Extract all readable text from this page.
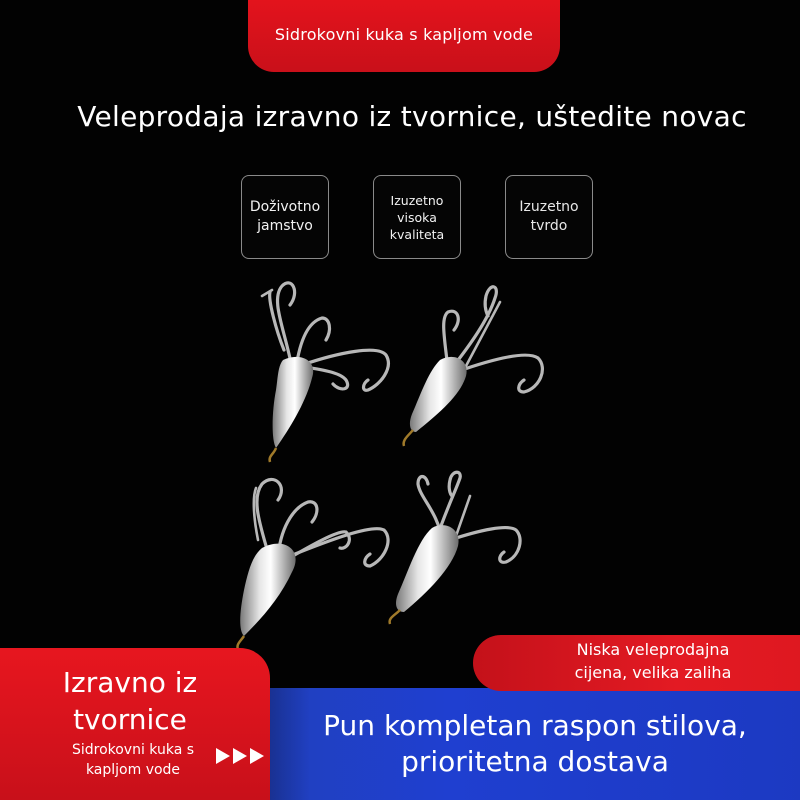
Sidrokovni kuka s kapljom vode
Veleprodaja izravno iz tvornice, uštedite novac
Doživotno
jamstvo
Izuzetno
visoka
kvaliteta
Izuzetno
tvrdo
Pun kompletan raspon stilova, prioritetna dostava
Niska veleprodajna cijena, velika zaliha
Izravno iz tvornice
Sidrokovni kuka s kapljom vode
